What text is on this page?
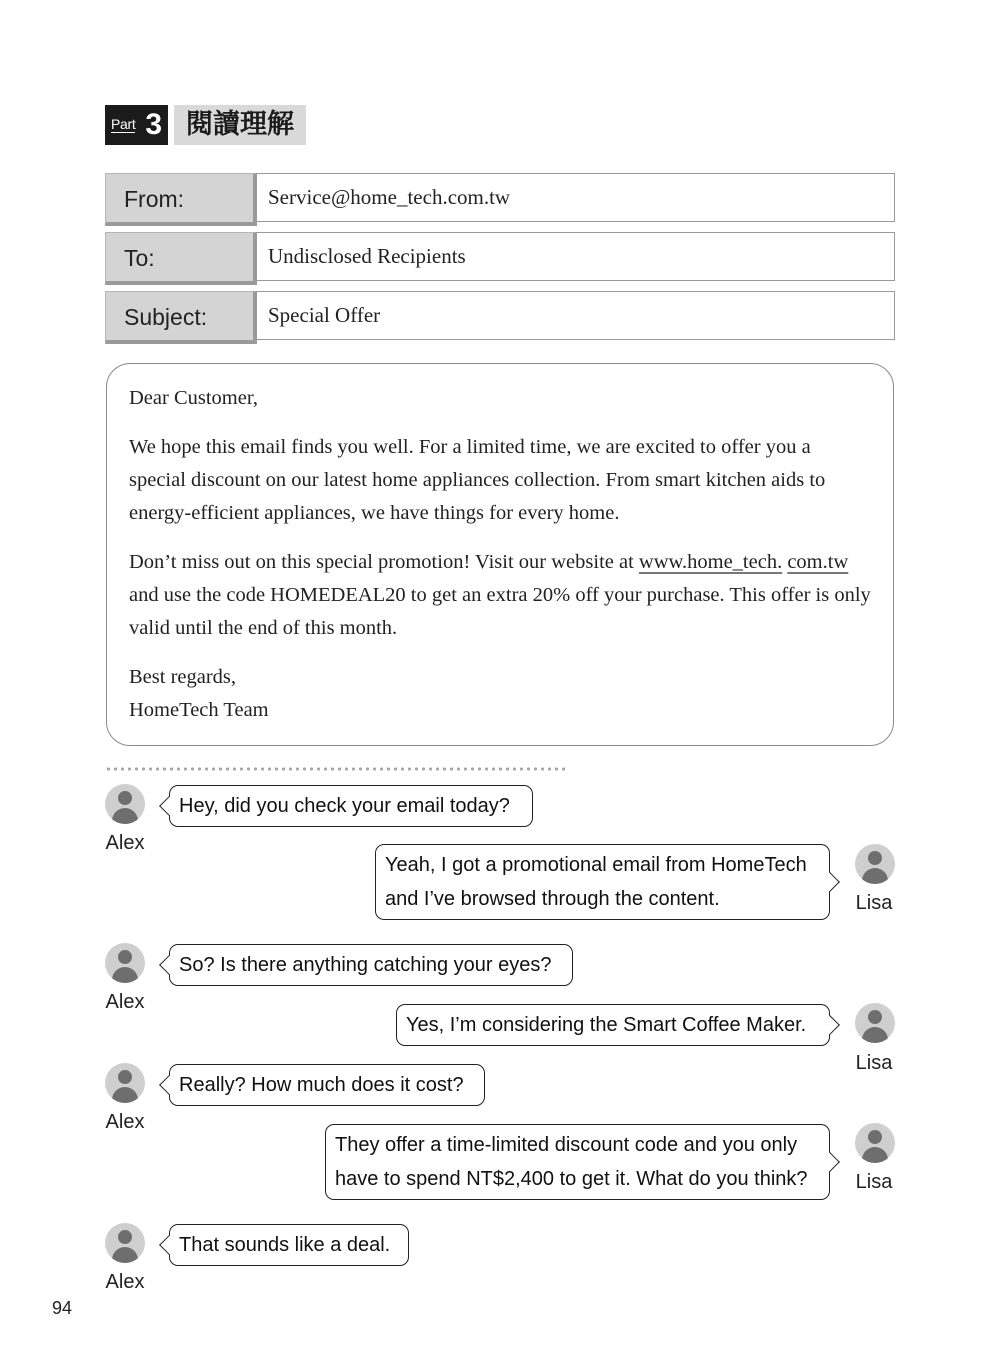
Part 3 閱讀理解
From:	Service@home_tech.com.tw
To:	Undisclosed Recipients
Subject:	Special Offer

Dear Customer,

We hope this email finds you well. For a limited time, we are excited to offer you a special discount on our latest home appliances collection. From smart kitchen aids to energy-efficient appliances, we have things for every home.

Don’t miss out on this special promotion! Visit our website at www.home_tech. com.tw and use the code HOMEDEAL20 to get an extra 20% off your purchase. This offer is only valid until the end of this month.

Best regards,

HomeTech Team

Alex
Hey, did you check your email today?
Lisa
Yeah, I got a promotional email from HomeTech
and I’ve browsed through the content.
Alex
So? Is there anything catching your eyes?
Lisa
Yes, I’m considering the Smart Coffee Maker.
Alex
Really? How much does it cost?
Lisa
They offer a time-limited discount code and you only
have to spend NT$2,400 to get it. What do you think?
Alex
That sounds like a deal.
94
